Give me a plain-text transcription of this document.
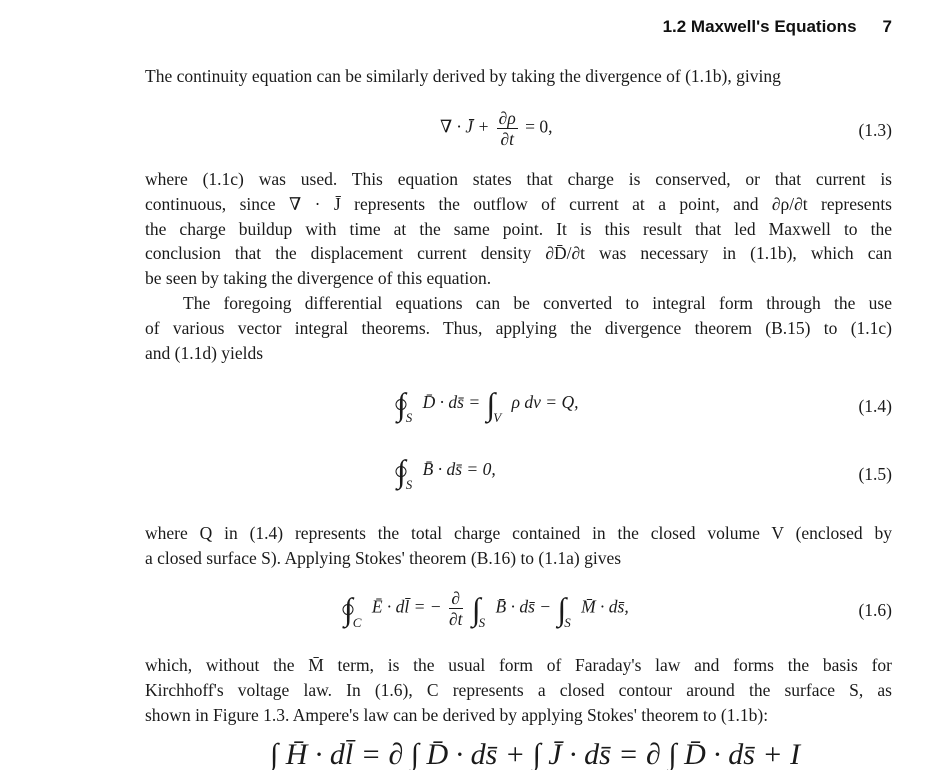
1.2 Maxwell's Equations 7

The continuity equation can be similarly derived by taking the divergence of (1.1b), giving

∇ · J̄ + $\frac{\partial\rho}{\partial t} = 0$,	(1.3)

where (1.1c) was used. This equation states that charge is conserved, or that current is
continuous, since ∇ · J̄ represents the outflow of current at a point, and ∂ρ/∂t represents
the charge buildup with time at the same point. It is this result that led Maxwell to the
conclusion that the displacement current density ∂D̄/∂t was necessary in (1.1b), which can
be seen by taking the divergence of this equation.

The foregoing differential equations can be converted to integral form through the use
of various vector integral theorems. Thus, applying the divergence theorem (B.15) to (1.1c)
and (1.1d) yields

∫
$_S$ D̄ · ds̄ = $\int_V$ ρ dv = Q,	(1.4)
∫
$_S$ B̄ · ds̄ = 0,	(1.5)

where Q in (1.4) represents the total charge contained in the closed volume V (enclosed by
a closed surface S). Applying Stokes' theorem (B.16) to (1.1a) gives

∫
$_C$ Ē · dl̄ = − $\frac{\partial}{\partial t} \int_S$ B̄ · ds̄ − $\int_S$ M̄ · ds̄,	(1.6)

which, without the M̄ term, is the usual form of Faraday's law and forms the basis for
Kirchhoff's voltage law. In (1.6), C represents a closed contour around the surface S, as
shown in Figure 1.3. Ampere's law can be derived by applying Stokes' theorem to (1.1b):

∫ H̄ · dl̄ = ∂ ∫ D̄ · ds̄ + ∫ J̄ · ds̄ = ∂ ∫ D̄ · ds̄ + I
